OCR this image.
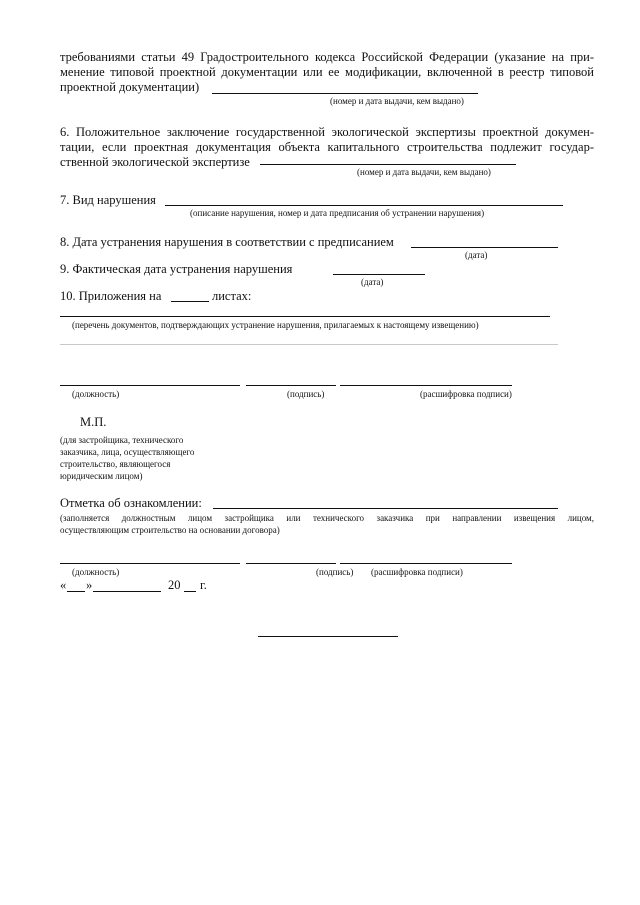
требованиями статьи 49 Градостроительного кодекса Российской Федерации (указание на при-
менение типовой проектной документации или ее модификации, включенной в реестр типовой
проектной документации)
(номер и дата выдачи, кем выдано)
6. Положительное заключение государственной экологической экспертизы проектной докумен-
тации, если проектная документация объекта капитального строительства подлежит государ-
ственной экологической экспертизе
(номер и дата выдачи, кем выдано)
7. Вид нарушения
(описание нарушения, номер и дата предписания об устранении нарушения)
8. Дата устранения нарушения в соответствии с предписанием
(дата)
9. Фактическая дата устранения нарушения
(дата)
10. Приложения на	листах:
(перечень документов, подтверждающих устранение нарушения, прилагаемых к настоящему извещению)
(должность)	(подпись)	(расшифровка подписи)
М.П.
(для застройщика, технического
заказчика, лица, осуществляющего
строительство, являющегося
юридическим лицом)
Отметка об ознакомлении:
(заполняется должностным лицом застройщика или технического заказчика при направлении извещения лицом,
осуществляющим строительство на основании договора)
(должность)	(подпись) (расшифровка подписи)
« »	20 г.
